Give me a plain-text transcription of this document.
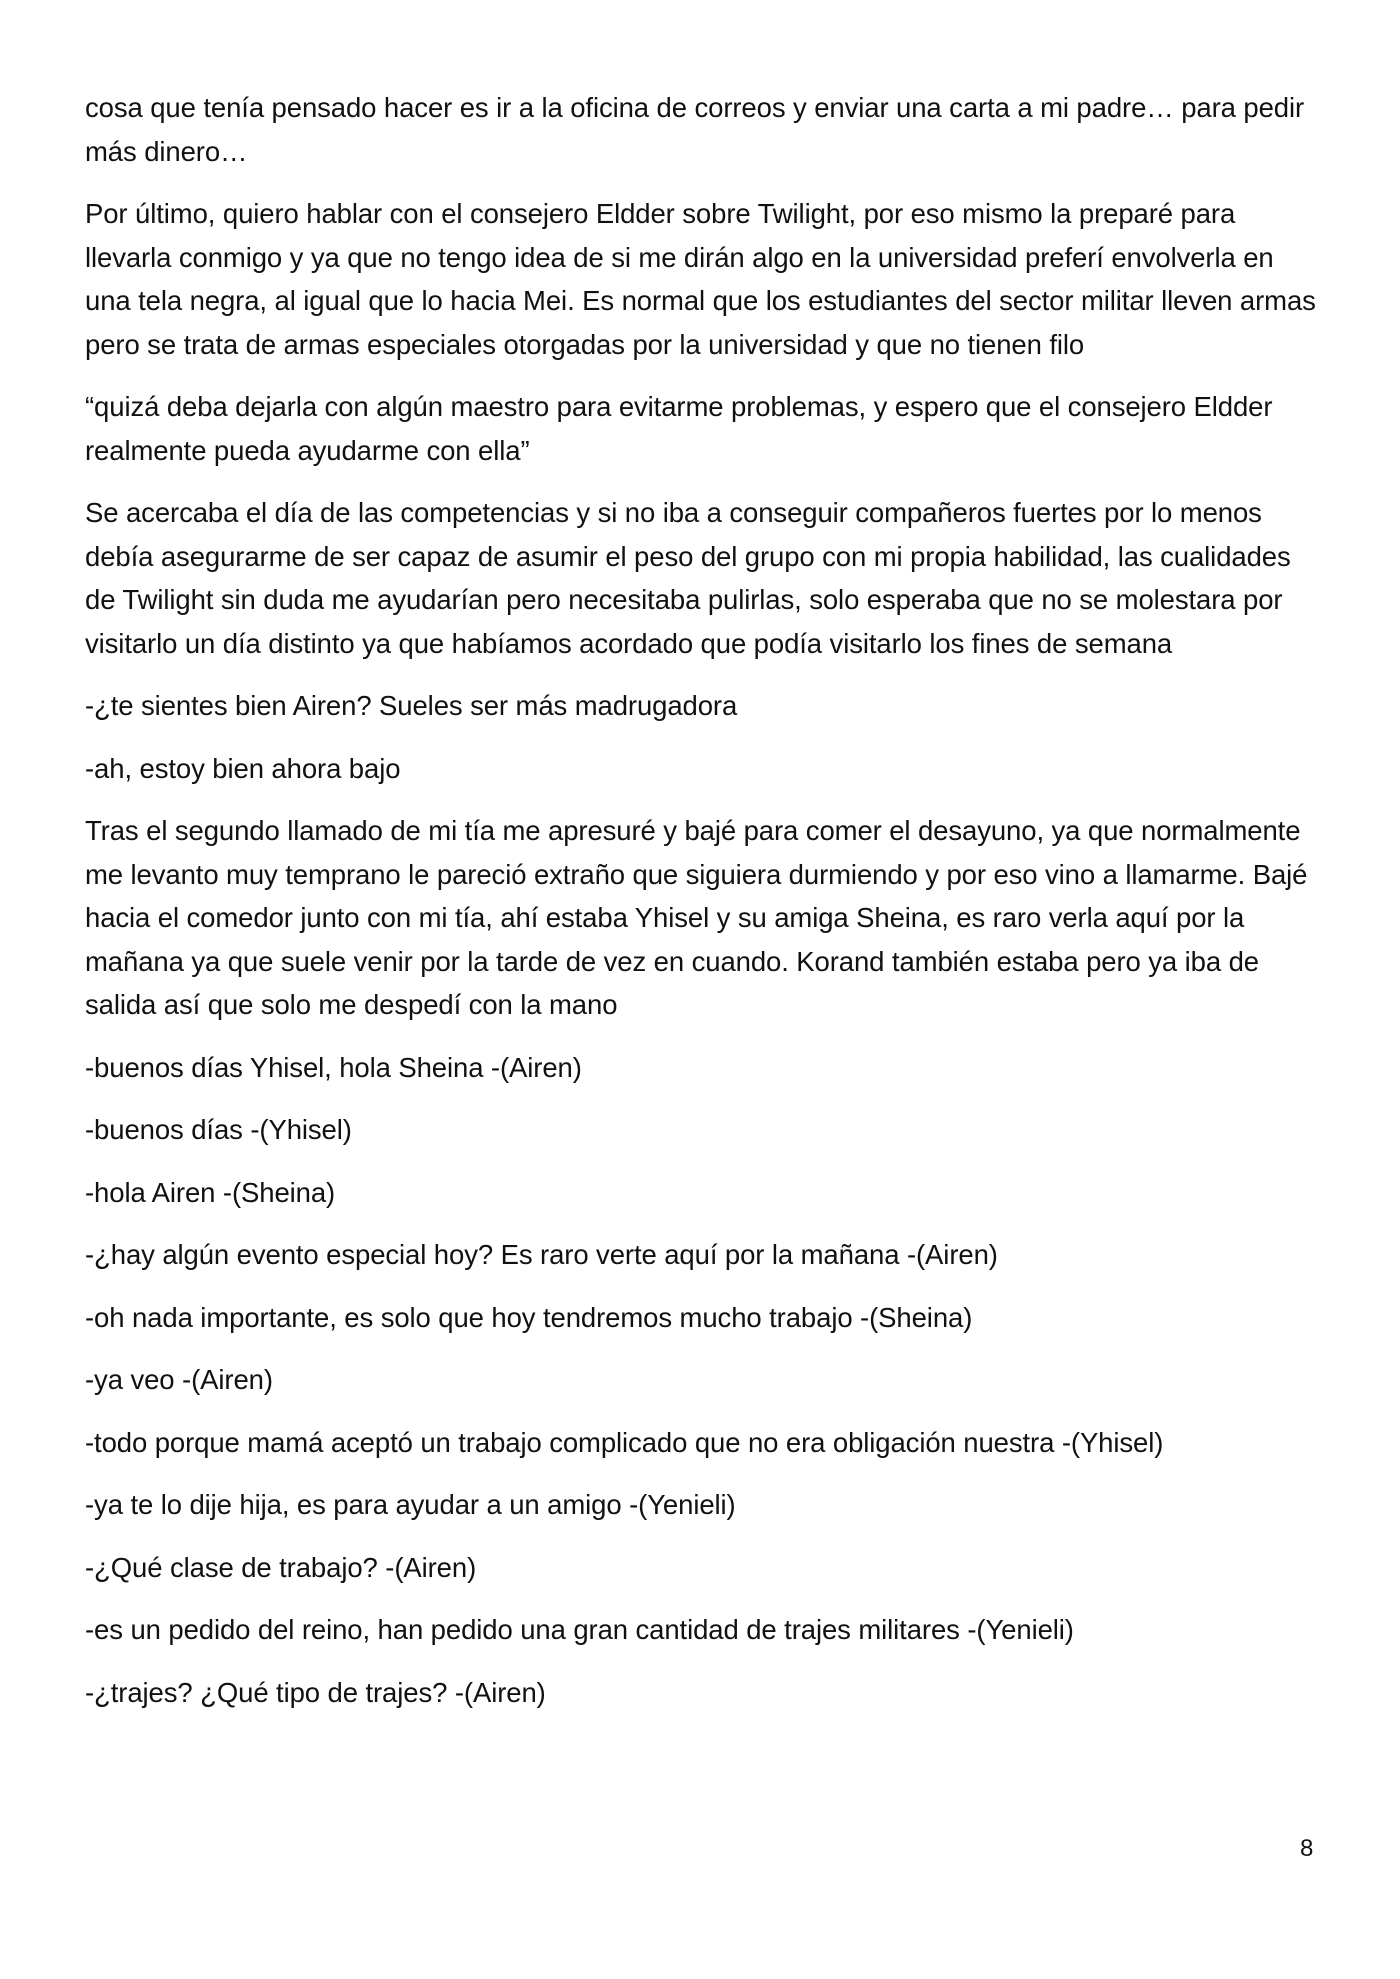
cosa que tenía pensado hacer es ir a la oficina de correos y enviar una carta a mi padre… para pedir más dinero…

Por último, quiero hablar con el consejero Eldder sobre Twilight, por eso mismo la preparé para llevarla conmigo y ya que no tengo idea de si me dirán algo en la universidad preferí envolverla en una tela negra, al igual que lo hacia Mei. Es normal que los estudiantes del sector militar lleven armas pero se trata de armas especiales otorgadas por la universidad y que no tienen filo

“quizá deba dejarla con algún maestro para evitarme problemas, y espero que el consejero Eldder realmente pueda ayudarme con ella”

Se acercaba el día de las competencias y si no iba a conseguir compañeros fuertes por lo menos debía asegurarme de ser capaz de asumir el peso del grupo con mi propia habilidad, las cualidades de Twilight sin duda me ayudarían pero necesitaba pulirlas, solo esperaba que no se molestara por visitarlo un día distinto ya que habíamos acordado que podía visitarlo los fines de semana

-¿te sientes bien Airen? Sueles ser más madrugadora

-ah, estoy bien ahora bajo

Tras el segundo llamado de mi tía me apresuré y bajé para comer el desayuno, ya que normalmente me levanto muy temprano le pareció extraño que siguiera durmiendo y por eso vino a llamarme. Bajé hacia el comedor junto con mi tía, ahí estaba Yhisel y su amiga Sheina, es raro verla aquí por la mañana ya que suele venir por la tarde de vez en cuando. Korand también estaba pero ya iba de salida así que solo me despedí con la mano

-buenos días Yhisel, hola Sheina -(Airen)

-buenos días -(Yhisel)

-hola Airen -(Sheina)

-¿hay algún evento especial hoy? Es raro verte aquí por la mañana -(Airen)

-oh nada importante, es solo que hoy tendremos mucho trabajo -(Sheina)

-ya veo -(Airen)

-todo porque mamá aceptó un trabajo complicado que no era obligación nuestra -(Yhisel)

-ya te lo dije hija, es para ayudar a un amigo -(Yenieli)

-¿Qué clase de trabajo? -(Airen)

-es un pedido del reino, han pedido una gran cantidad de trajes militares -(Yenieli)

-¿trajes? ¿Qué tipo de trajes? -(Airen)

8
